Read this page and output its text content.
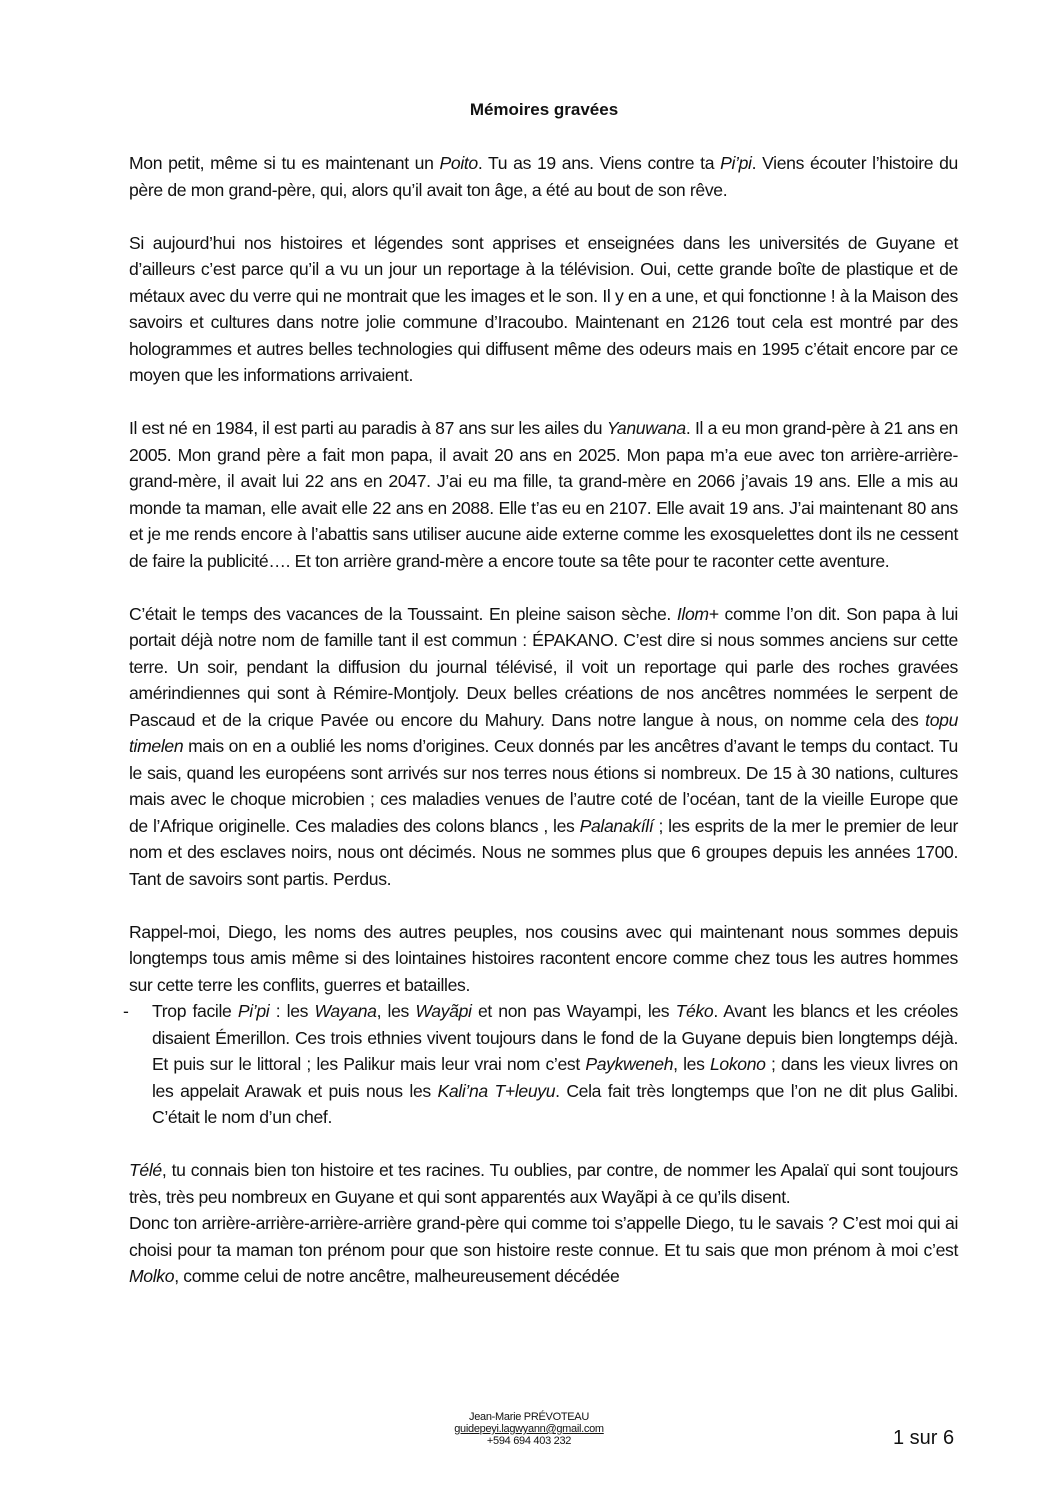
Mémoires gravées

Mon petit, même si tu es maintenant un Poito. Tu as 19 ans. Viens contre ta Pi’pi. Viens écouter l’histoire du père de mon grand-père, qui, alors qu’il avait ton âge, a été au bout de son rêve.

Si aujourd’hui nos histoires et légendes sont apprises et enseignées dans les universités de Guyane et d’ailleurs c’est parce qu’il a vu un jour un reportage à la télévision. Oui, cette grande boîte de plastique et de métaux avec du verre qui ne montrait que les images et le son. Il y en a une, et qui fonctionne ! à la Maison des savoirs et cultures dans notre jolie commune d’Iracoubo. Maintenant en 2126 tout cela est montré par des hologrammes et autres belles technologies qui diffusent même des odeurs mais en 1995 c’était encore par ce moyen que les informations arrivaient.

Il est né en 1984, il est parti au paradis à 87 ans sur les ailes du Yanuwana. Il a eu mon grand-père à 21 ans en 2005. Mon grand père a fait mon papa, il avait 20 ans en 2025. Mon papa m’a eue avec ton arrière-arrière-grand-mère, il avait lui 22 ans en 2047. J’ai eu ma fille, ta grand-mère en 2066 j’avais 19 ans. Elle a mis au monde ta maman, elle avait elle 22 ans en 2088. Elle t’as eu en 2107. Elle avait 19 ans. J’ai maintenant 80 ans et je me rends encore à l’abattis sans utiliser aucune aide externe comme les exosquelettes dont ils ne cessent de faire la publicité…. Et ton arrière grand-mère a encore toute sa tête pour te raconter cette aventure.

C’était le temps des vacances de la Toussaint. En pleine saison sèche. Ilom+ comme l’on dit. Son papa à lui portait déjà notre nom de famille tant il est commun : ÉPAKANO. C’est dire si nous sommes anciens sur cette terre. Un soir, pendant la diffusion du journal télévisé, il voit un reportage qui parle des roches gravées amérindiennes qui sont à Rémire-Montjoly. Deux belles créations de nos ancêtres nommées le serpent de Pascaud et de la crique Pavée ou encore du Mahury. Dans notre langue à nous, on nomme cela des topu timelen mais on en a oublié les noms d’origines. Ceux donnés par les ancêtres d’avant le temps du contact. Tu le sais, quand les européens sont arrivés sur nos terres nous étions si nombreux. De 15 à 30 nations, cultures mais avec le choque microbien ; ces maladies venues de l’autre coté de l’océan, tant de la vieille Europe que de l’Afrique originelle. Ces maladies des colons blancs , les Palanakílí ; les esprits de la mer le premier de leur nom et des esclaves noirs, nous ont décimés. Nous ne sommes plus que 6 groupes depuis les années 1700. Tant de savoirs sont partis. Perdus.

Rappel-moi, Diego, les noms des autres peuples, nos cousins avec qui maintenant nous sommes depuis longtemps tous amis même si des lointaines histoires racontent encore comme chez tous les autres hommes sur cette terre les conflits, guerres et batailles.

- Trop facile Pi’pi : les Wayana, les Wayãpi et non pas Wayampi, les Téko. Avant les blancs et les créoles disaient Émerillon. Ces trois ethnies vivent toujours dans le fond de la Guyane depuis bien longtemps déjà. Et puis sur le littoral ; les Palikur mais leur vrai nom c’est Paykweneh, les Lokono ; dans les vieux livres on les appelait Arawak et puis nous les Kali’na T+leuyu. Cela fait très longtemps que l’on ne dit plus Galibi. C’était le nom d’un chef.

Télé, tu connais bien ton histoire et tes racines. Tu oublies, par contre, de nommer les Apalaï qui sont toujours très, très peu nombreux en Guyane et qui sont apparentés aux Wayãpi à ce qu’ils disent.

Donc ton arrière-arrière-arrière-arrière grand-père qui comme toi s’appelle Diego, tu le savais ? C’est moi qui ai choisi pour ta maman ton prénom pour que son histoire reste connue. Et tu sais que mon prénom à moi c’est Molko, comme celui de notre ancêtre, malheureusement décédée

Jean-Marie PRÉVOTEAU
guidepeyi.lagwyann@gmail.com
+594 694 403 232	1 sur 6
